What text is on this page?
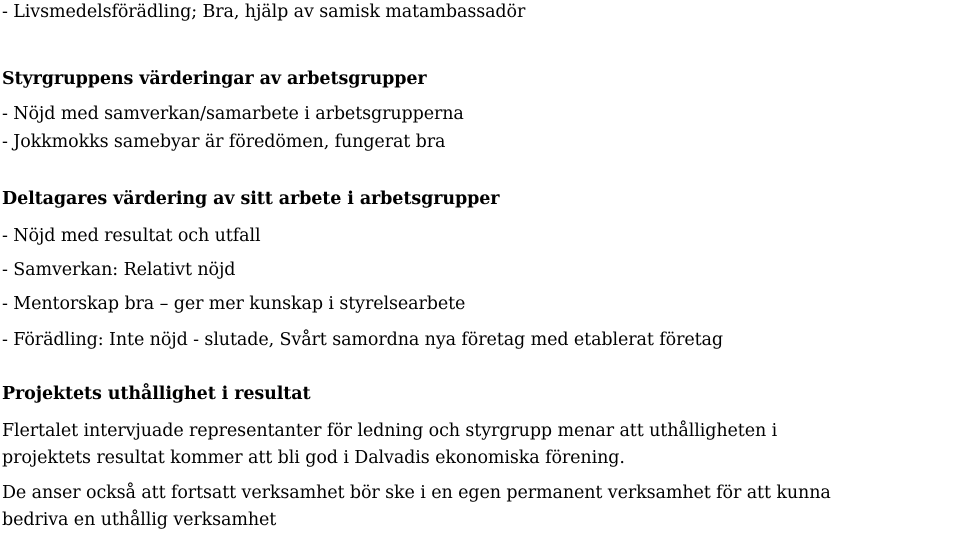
- Livsmedelsförädling; Bra, hjälp av samisk matambassadör
Styrgruppens värderingar av arbetsgrupper
- Nöjd med samverkan/samarbete i arbetsgrupperna
- Jokkmokks samebyar är föredömen, fungerat bra
Deltagares värdering av sitt arbete i arbetsgrupper
- Nöjd med resultat och utfall
- Samverkan: Relativt nöjd
- Mentorskap bra – ger mer kunskap i styrelsearbete
- Förädling: Inte nöjd - slutade, Svårt samordna nya företag med etablerat företag
Projektets uthållighet i resultat
Flertalet intervjuade representanter för ledning och styrgrupp menar att uthålligheten i
projektets resultat kommer att bli god i Dalvadis ekonomiska förening.
De anser också att fortsatt verksamhet bör ske i en egen permanent verksamhet för att kunna
bedriva en uthållig verksamhet
